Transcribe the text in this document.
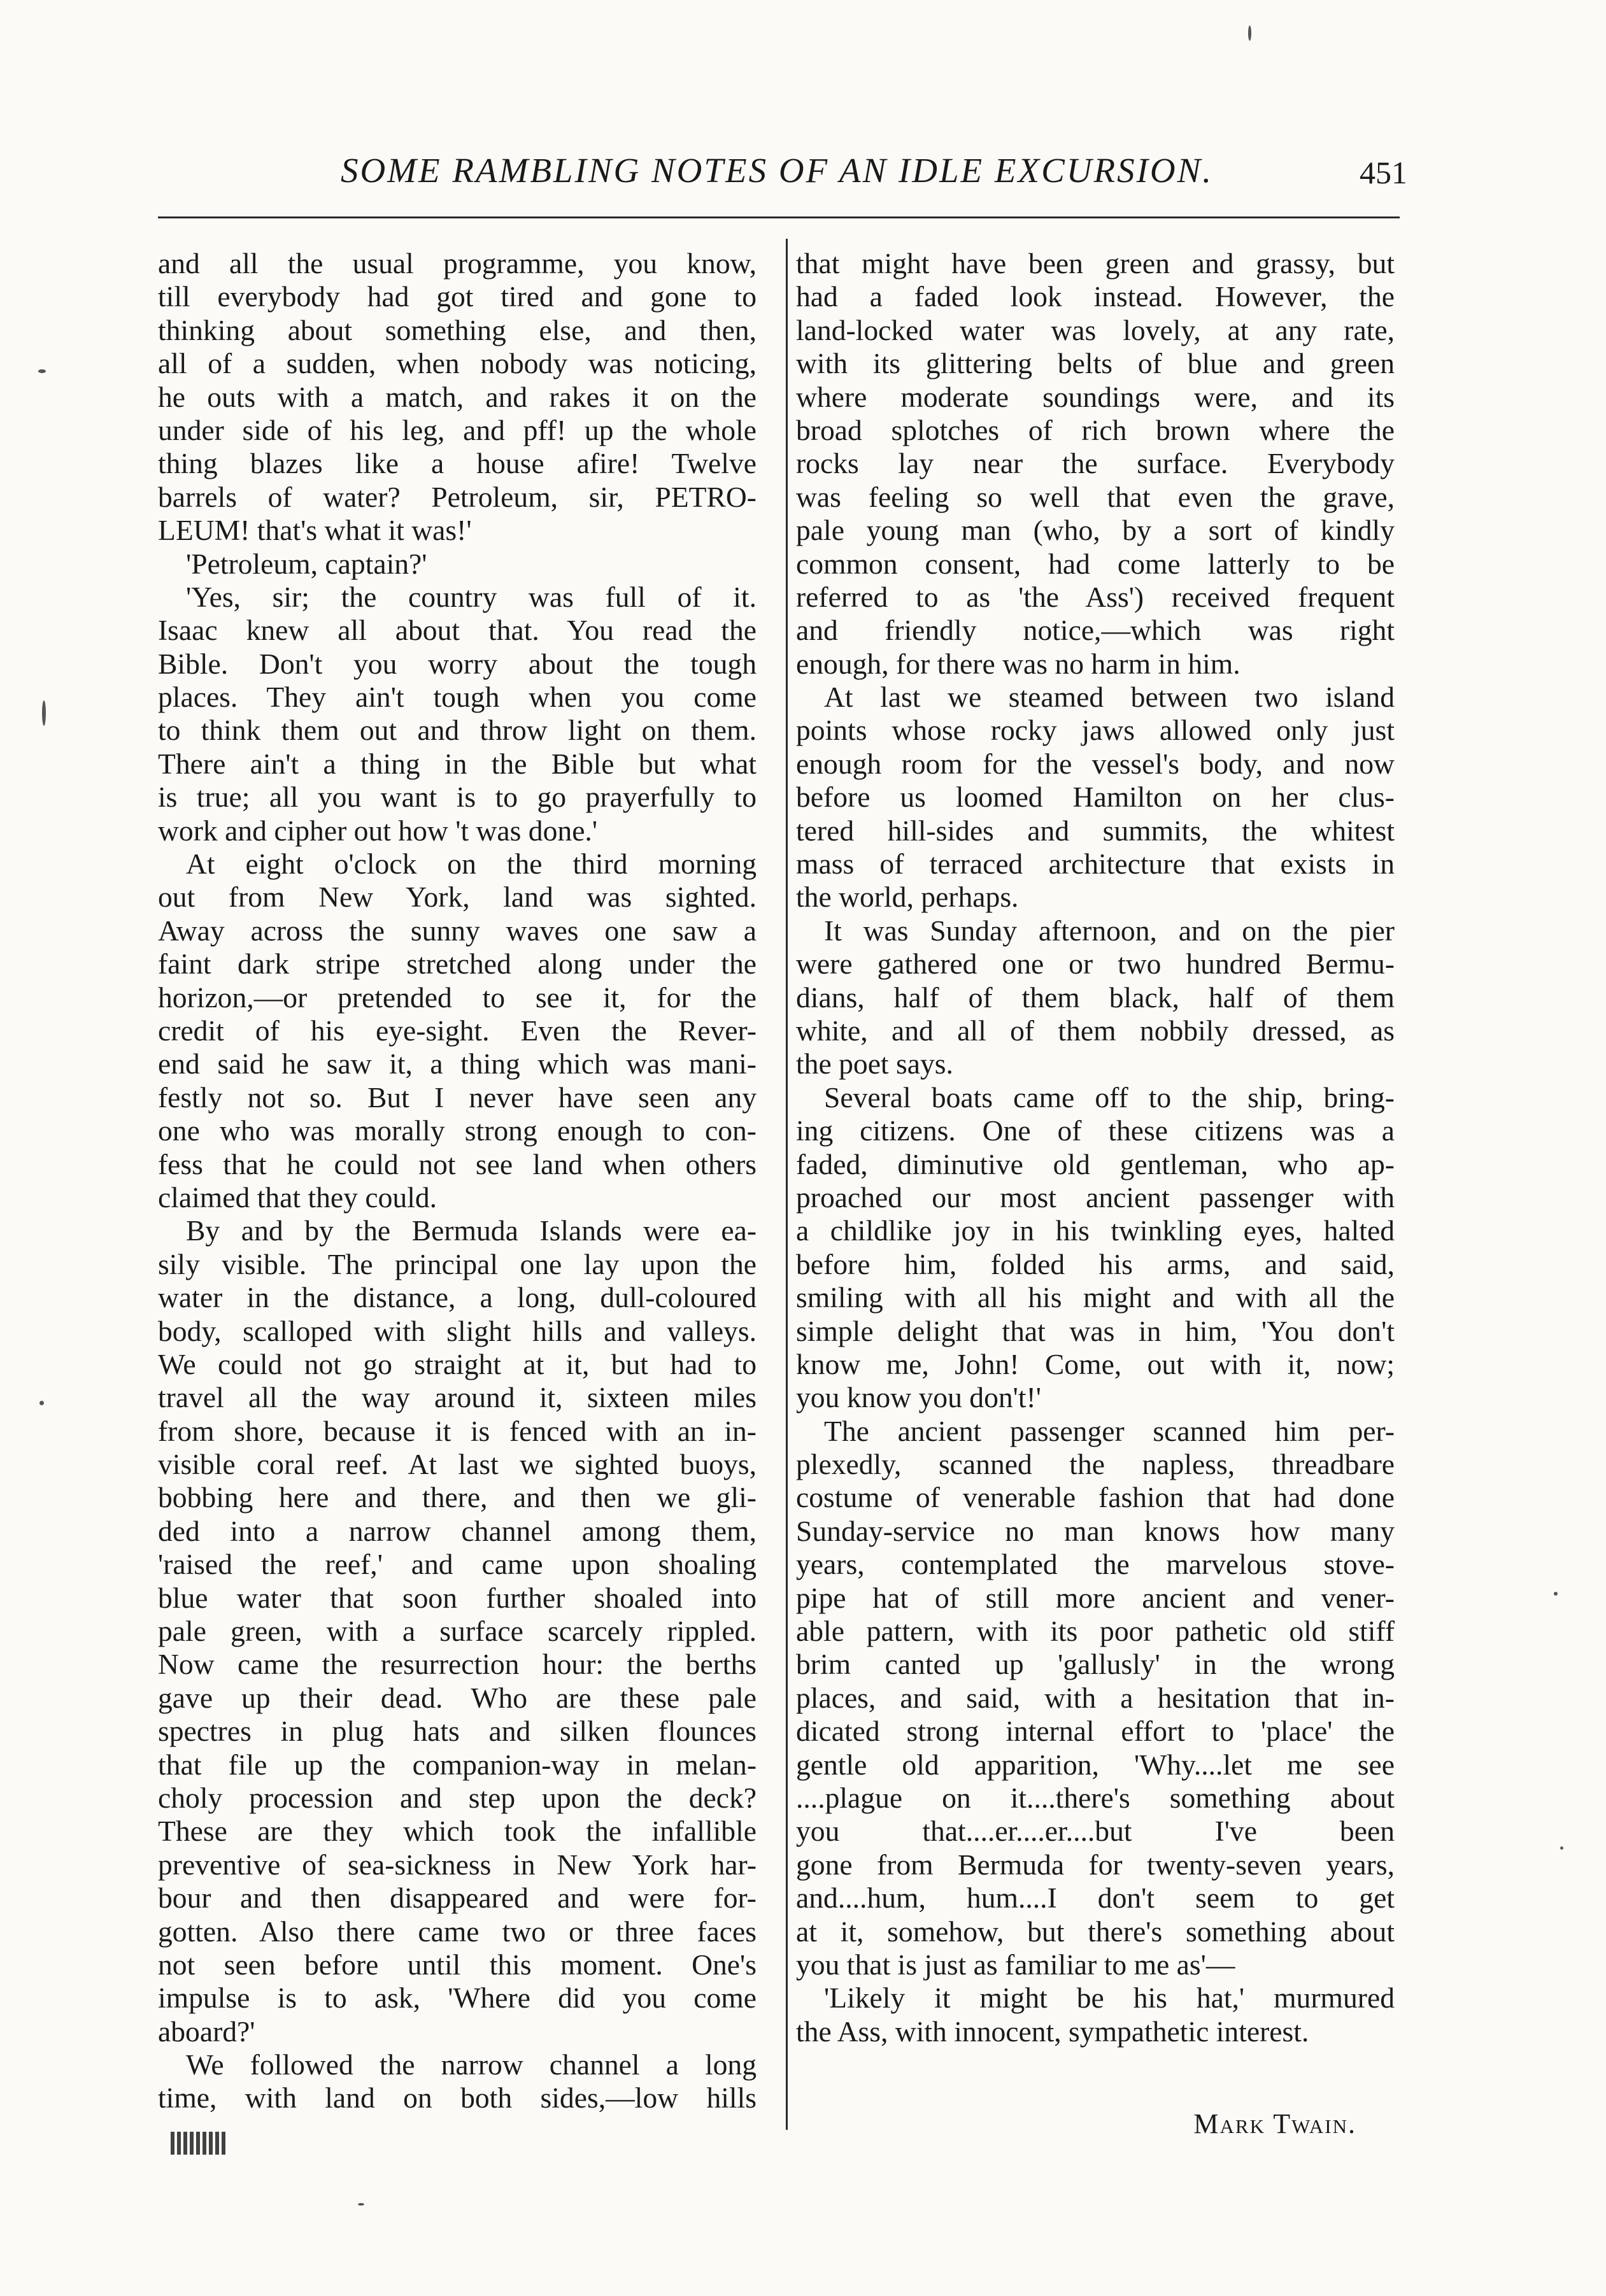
SOME RAMBLING NOTES OF AN IDLE EXCURSION.	451
and all the usual programme, you know,
till everybody had got tired and gone to
thinking about something else, and then,
all of a sudden, when nobody was noticing,
he outs with a match, and rakes it on the
under side of his leg, and pff! up the whole
thing blazes like a house afire! Twelve
barrels of water? Petroleum, sir, PETRO-
LEUM! that's what it was!'
'Petroleum, captain?'
'Yes, sir; the country was full of it.
Isaac knew all about that. You read the
Bible. Don't you worry about the tough
places. They ain't tough when you come
to think them out and throw light on them.
There ain't a thing in the Bible but what
is true; all you want is to go prayerfully to
work and cipher out how 't was done.'
At eight o'clock on the third morning
out from New York, land was sighted.
Away across the sunny waves one saw a
faint dark stripe stretched along under the
horizon,—or pretended to see it, for the
credit of his eye-sight. Even the Rever-
end said he saw it, a thing which was mani-
festly not so. But I never have seen any
one who was morally strong enough to con-
fess that he could not see land when others
claimed that they could.
By and by the Bermuda Islands were ea-
sily visible. The principal one lay upon the
water in the distance, a long, dull-coloured
body, scalloped with slight hills and valleys.
We could not go straight at it, but had to
travel all the way around it, sixteen miles
from shore, because it is fenced with an in-
visible coral reef. At last we sighted buoys,
bobbing here and there, and then we gli-
ded into a narrow channel among them,
'raised the reef,' and came upon shoaling
blue water that soon further shoaled into
pale green, with a surface scarcely rippled.
Now came the resurrection hour: the berths
gave up their dead. Who are these pale
spectres in plug hats and silken flounces
that file up the companion-way in melan-
choly procession and step upon the deck?
These are they which took the infallible
preventive of sea-sickness in New York har-
bour and then disappeared and were for-
gotten. Also there came two or three faces
not seen before until this moment. One's
impulse is to ask, 'Where did you come
aboard?'
We followed the narrow channel a long
time, with land on both sides,—low hills
that might have been green and grassy, but
had a faded look instead. However, the
land-locked water was lovely, at any rate,
with its glittering belts of blue and green
where moderate soundings were, and its
broad splotches of rich brown where the
rocks lay near the surface. Everybody
was feeling so well that even the grave,
pale young man (who, by a sort of kindly
common consent, had come latterly to be
referred to as 'the Ass') received frequent
and friendly notice,—which was right
enough, for there was no harm in him.
At last we steamed between two island
points whose rocky jaws allowed only just
enough room for the vessel's body, and now
before us loomed Hamilton on her clus-
tered hill-sides and summits, the whitest
mass of terraced architecture that exists in
the world, perhaps.
It was Sunday afternoon, and on the pier
were gathered one or two hundred Bermu-
dians, half of them black, half of them
white, and all of them nobbily dressed, as
the poet says.
Several boats came off to the ship, bring-
ing citizens. One of these citizens was a
faded, diminutive old gentleman, who ap-
proached our most ancient passenger with
a childlike joy in his twinkling eyes, halted
before him, folded his arms, and said,
smiling with all his might and with all the
simple delight that was in him, 'You don't
know me, John! Come, out with it, now;
you know you don't!'
The ancient passenger scanned him per-
plexedly, scanned the napless, threadbare
costume of venerable fashion that had done
Sunday-service no man knows how many
years, contemplated the marvelous stove-
pipe hat of still more ancient and vener-
able pattern, with its poor pathetic old stiff
brim canted up 'gallusly' in the wrong
places, and said, with a hesitation that in-
dicated strong internal effort to 'place' the
gentle old apparition, 'Why....let me see
....plague on it....there's something about
you that....er....er....but I've been
gone from Bermuda for twenty-seven years,
and....hum, hum....I don't seem to get
at it, somehow, but there's something about
you that is just as familiar to me as'—
'Likely it might be his hat,' murmured
the Ass, with innocent, sympathetic interest.
Mark Twain.
